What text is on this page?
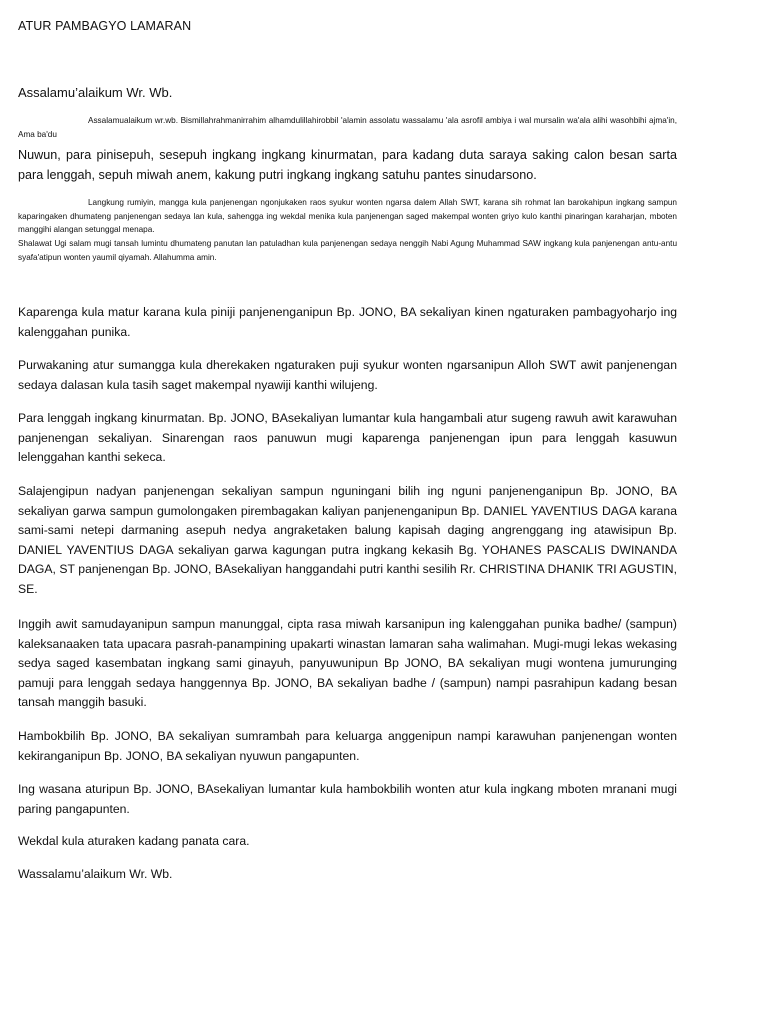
ATUR PAMBAGYO LAMARAN
Assalamu’alaikum Wr. Wb.
Assalamualaikum wr.wb. Bismillahrahmanirrahim alhamdulillahirobbil 'alamin assolatu wassalamu 'ala asrofil ambiya i wal mursalin wa'ala alihi wasohbihi ajma'in, Ama ba'du
Nuwun, para pinisepuh, sesepuh ingkang ingkang kinurmatan, para kadang duta saraya saking calon besan sarta para lenggah, sepuh miwah anem, kakung putri ingkang ingkang satuhu pantes sinudarsono.
Langkung rumiyin, mangga kula panjenengan ngonjukaken raos syukur wonten ngarsa dalem Allah SWT, karana sih rohmat lan barokahipun ingkang sampun kaparingaken dhumateng panjenengan sedaya lan kula, sahengga ing wekdal menika kula panjenengan saged makempal wonten griyo kulo kanthi pinaringan karaharjan, mboten manggihi alangan setunggal menapa.
Shalawat Ugi salam mugi tansah lumintu dhumateng panutan lan patuladhan kula panjenengan sedaya nenggih Nabi Agung Muhammad SAW ingkang kula panjenengan antu-antu syafa'atipun wonten yaumil qiyamah. Allahumma amin.
Kaparenga kula matur karana kula piniji panjenenganipun Bp. JONO, BA sekaliyan kinen ngaturaken pambagyoharjo ing kalenggahan punika.
Purwakaning atur sumangga kula dherekaken ngaturaken puji syukur wonten ngarsanipun Alloh SWT awit panjenengan sedaya dalasan kula tasih saget makempal nyawiji kanthi wilujeng.
Para lenggah ingkang kinurmatan. Bp. JONO, BAsekaliyan lumantar kula hangambali atur sugeng rawuh awit karawuhan panjenengan sekaliyan. Sinarengan raos panuwun mugi kaparenga panjenengan ipun para lenggah kasuwun lelenggahan kanthi sekeca.
Salajengipun nadyan panjenengan sekaliyan sampun nguningani bilih ing nguni panjenenganipun Bp. JONO, BA sekaliyan garwa sampun gumolongaken pirembagakan kaliyan panjenenganipun Bp. DANIEL YAVENTIUS DAGA karana sami-sami netepi darmaning asepuh nedya angraketaken balung kapisah daging angrenggang ing atawisipun Bp. DANIEL YAVENTIUS DAGA sekaliyan garwa kagungan putra ingkang kekasih Bg. YOHANES PASCALIS DWINANDA DAGA, ST panjenengan Bp. JONO, BAsekaliyan hanggandahi putri kanthi sesilih Rr. CHRISTINA DHANIK TRI AGUSTIN, SE.
Inggih awit samudayanipun sampun manunggal, cipta rasa miwah karsanipun ing kalenggahan punika badhe/ (sampun) kaleksanaaken tata upacara pasrah-panampining upakarti winastan lamaran saha walimahan. Mugi-mugi lekas wekasing sedya saged kasembatan ingkang sami ginayuh, panyuwunipun Bp JONO, BA sekaliyan mugi wontena jumurunging pamuji para lenggah sedaya hanggennya Bp. JONO, BA sekaliyan badhe / (sampun) nampi pasrahipun kadang besan tansah manggih basuki.
Hambokbilih Bp. JONO, BA sekaliyan sumrambah para keluarga anggenipun nampi karawuhan panjenengan wonten kekiranganipun Bp. JONO, BA sekaliyan nyuwun pangapunten.
Ing wasana aturipun Bp. JONO, BAsekaliyan lumantar kula hambokbilih wonten atur kula ingkang mboten mranani mugi paring pangapunten.
Wekdal kula aturaken kadang panata cara.
Wassalamu’alaikum Wr. Wb.
